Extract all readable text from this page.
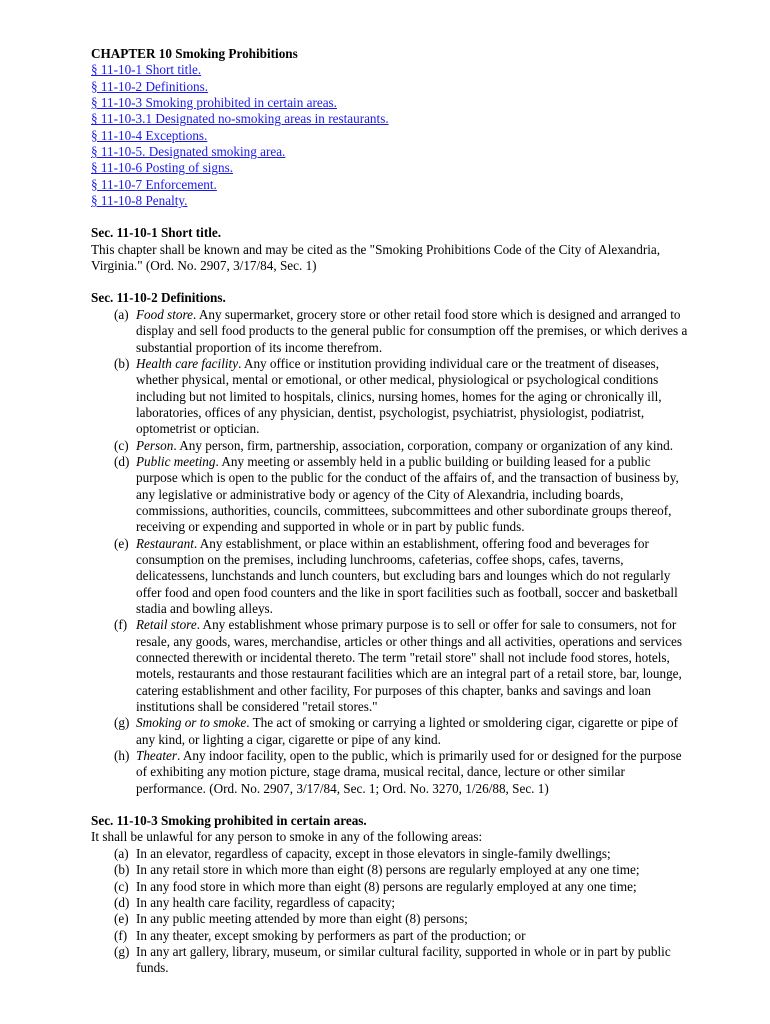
CHAPTER 10 Smoking Prohibitions
§ 11-10-1 Short title.
§ 11-10-2 Definitions.
§ 11-10-3 Smoking prohibited in certain areas.
§ 11-10-3.1 Designated no-smoking areas in restaurants.
§ 11-10-4 Exceptions.
§ 11-10-5. Designated smoking area.
§ 11-10-6 Posting of signs.
§ 11-10-7 Enforcement.
§ 11-10-8 Penalty.
Sec. 11-10-1 Short title.

This chapter shall be known and may be cited as the "Smoking Prohibitions Code of the City of Alexandria, Virginia." (Ord. No. 2907, 3/17/84, Sec. 1)

Sec. 11-10-2 Definitions.
(a) Food store. Any supermarket, grocery store or other retail food store which is designed and arranged to display and sell food products to the general public for consumption off the premises, or which derives a substantial proportion of its income therefrom.
(b) Health care facility. Any office or institution providing individual care or the treatment of diseases, whether physical, mental or emotional, or other medical, physiological or psychological conditions including but not limited to hospitals, clinics, nursing homes, homes for the aging or chronically ill, laboratories, offices of any physician, dentist, psychologist, psychiatrist, physiologist, podiatrist, optometrist or optician.
(c) Person. Any person, firm, partnership, association, corporation, company or organization of any kind.
(d) Public meeting. Any meeting or assembly held in a public building or building leased for a public purpose which is open to the public for the conduct of the affairs of, and the transaction of business by, any legislative or administrative body or agency of the City of Alexandria, including boards, commissions, authorities, councils, committees, subcommittees and other subordinate groups thereof, receiving or expending and supported in whole or in part by public funds.
(e) Restaurant. Any establishment, or place within an establishment, offering food and beverages for consumption on the premises, including lunchrooms, cafeterias, coffee shops, cafes, taverns, delicatessens, lunchstands and lunch counters, but excluding bars and lounges which do not regularly offer food and open food counters and the like in sport facilities such as football, soccer and basketball stadia and bowling alleys.
(f) Retail store. Any establishment whose primary purpose is to sell or offer for sale to consumers, not for resale, any goods, wares, merchandise, articles or other things and all activities, operations and services connected therewith or incidental thereto. The term "retail store" shall not include food stores, hotels, motels, restaurants and those restaurant facilities which are an integral part of a retail store, bar, lounge, catering establishment and other facility, For purposes of this chapter, banks and savings and loan institutions shall be considered "retail stores."
(g) Smoking or to smoke. The act of smoking or carrying a lighted or smoldering cigar, cigarette or pipe of any kind, or lighting a cigar, cigarette or pipe of any kind.
(h) Theater. Any indoor facility, open to the public, which is primarily used for or designed for the purpose of exhibiting any motion picture, stage drama, musical recital, dance, lecture or other similar performance. (Ord. No. 2907, 3/17/84, Sec. 1; Ord. No. 3270, 1/26/88, Sec. 1)
Sec. 11-10-3 Smoking prohibited in certain areas.

It shall be unlawful for any person to smoke in any of the following areas:

(a) In an elevator, regardless of capacity, except in those elevators in single-family dwellings;
(b) In any retail store in which more than eight (8) persons are regularly employed at any one time;
(c) In any food store in which more than eight (8) persons are regularly employed at any one time;
(d) In any health care facility, regardless of capacity;
(e) In any public meeting attended by more than eight (8) persons;
(f) In any theater, except smoking by performers as part of the production; or
(g) In any art gallery, library, museum, or similar cultural facility, supported in whole or in part by public funds.
